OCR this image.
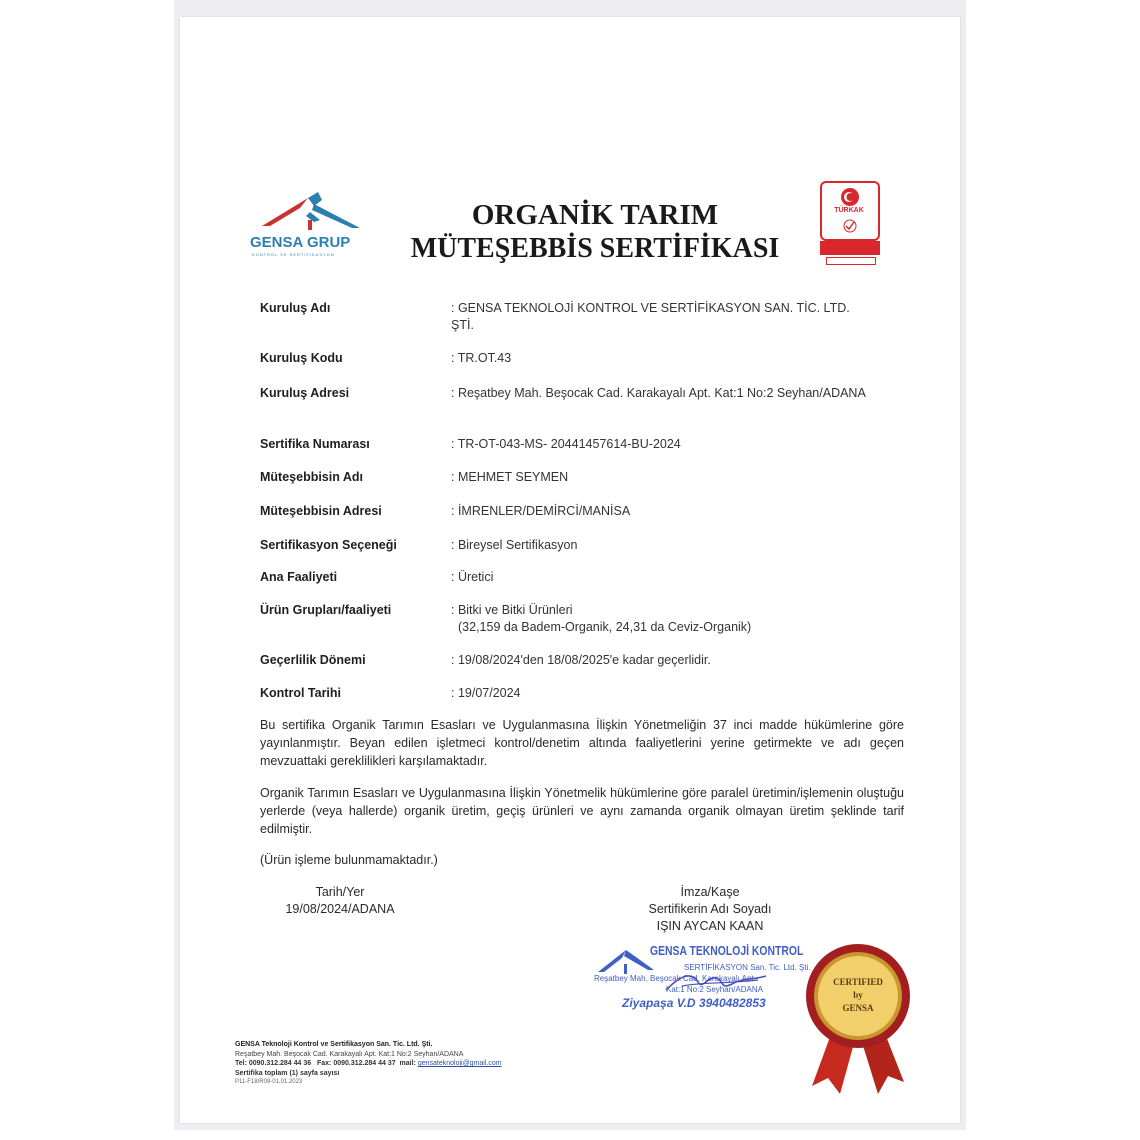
GENSA GRUP
KONTROL VE SERTİFİKASYON
ORGANİK TARIM
MÜTEŞEBBİS SERTİFİKASI
TÜRKAK
Kuruluş Adı	: GENSA TEKNOLOJİ KONTROL VE SERTİFİKASYON SAN. TİC. LTD. ŞTİ.
Kuruluş Kodu	: TR.OT.43
Kuruluş Adresi	: Reşatbey Mah. Beşocak Cad. Karakayalı Apt. Kat:1 No:2 Seyhan/ADANA
Sertifika Numarası	: TR-OT-043-MS- 20441457614-BU-2024
Müteşebbisin Adı	: MEHMET SEYMEN
Müteşebbisin Adresi	: İMRENLER/DEMİRCİ/MANİSA
Sertifikasyon Seçeneği	: Bireysel Sertifikasyon
Ana Faaliyeti	: Üretici
Ürün Grupları/faaliyeti	: Bitki ve Bitki Ürünleri
(32,159 da Badem-Organik, 24,31 da Ceviz-Organik)
Geçerlilik Dönemi	: 19/08/2024'den 18/08/2025'e kadar geçerlidir.
Kontrol Tarihi	: 19/07/2024
Bu sertifika Organik Tarımın Esasları ve Uygulanmasına İlişkin Yönetmeliğin 37 inci madde hükümlerine göre yayınlanmıştır. Beyan edilen işletmeci kontrol/denetim altında faaliyetlerini yerine getirmekte ve adı geçen mevzuattaki gereklilikleri karşılamaktadır.
Organik Tarımın Esasları ve Uygulanmasına İlişkin Yönetmelik hükümlerine göre paralel üretimin/işlemenin oluştuğu yerlerde (veya hallerde) organik üretim, geçiş ürünleri ve aynı zamanda organik olmayan üretim şeklinde tarif edilmiştir.
(Ürün işleme bulunmamaktadır.)
Tarih/Yer
19/08/2024/ADANA
İmza/Kaşe
Sertifikerin Adı Soyadı
IŞIN AYCAN KAAN
GENSA TEKNOLOJİ KONTROL
SERTİFİKASYON San. Tic. Ltd. Şti.
Reşatbey Mah. Beşocak Cad. Karakayalı Apt
Kat:1 No:2 Seyhan/ADANA
Ziyapaşa V.D 3940482853
CERTIFIED
by
GENSA
GENSA Teknoloji Kontrol ve Sertifikasyon San. Tic. Ltd. Şti.
Reşatbey Mah. Beşocak Cad. Karakayalı Apt. Kat:1 No:2 Seyhan/ADANA
Tel: 0090.312.284 44 36 Fax: 0090.312.284 44 37 mail: gensateknoloji@gmail.com
Sertifika toplam (1) sayfa sayısı
P11-F18/R09-01.01.2023
